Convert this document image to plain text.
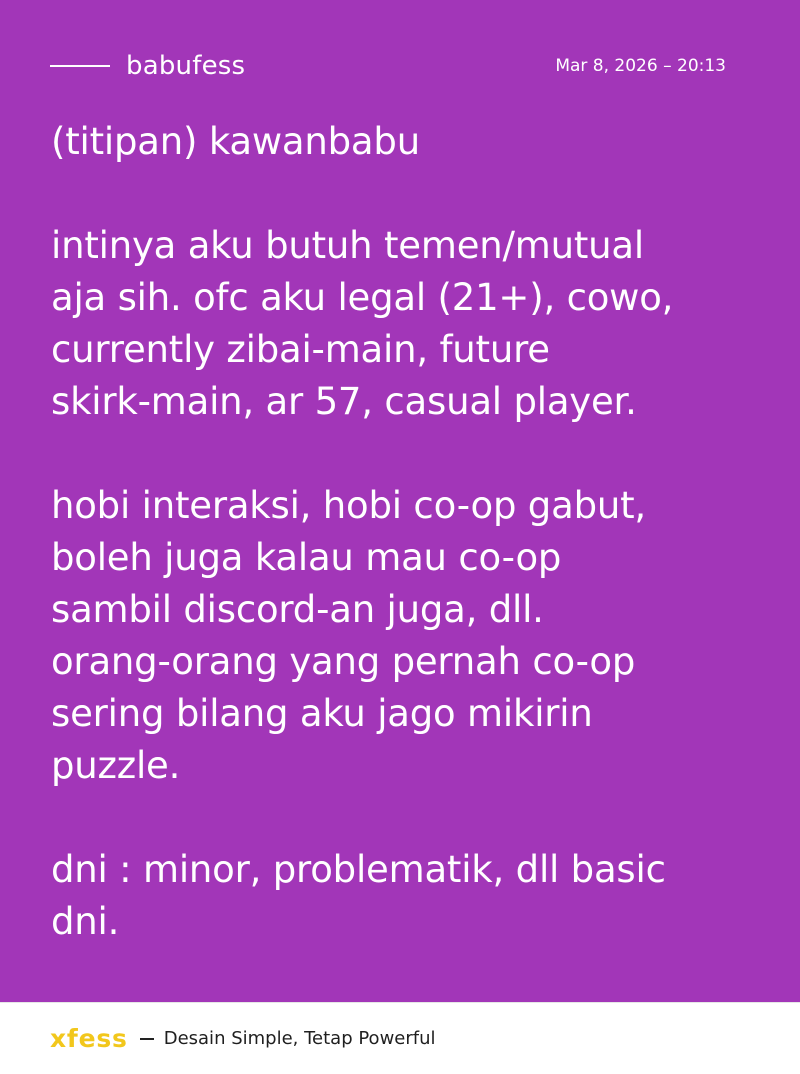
babufess	Mar 8, 2026 – 20:13
(titipan) kawanbabu

intinya aku butuh temen/mutual
aja sih. ofc aku legal (21+), cowo,
currently zibai-main, future
skirk-main, ar 57, casual player.

hobi interaksi, hobi co-op gabut,
boleh juga kalau mau co-op
sambil discord-an juga, dll.
orang-orang yang pernah co-op
sering bilang aku jago mikirin
puzzle.

dni : minor, problematik, dll basic
dni.
xfess Desain Simple, Tetap Powerful
